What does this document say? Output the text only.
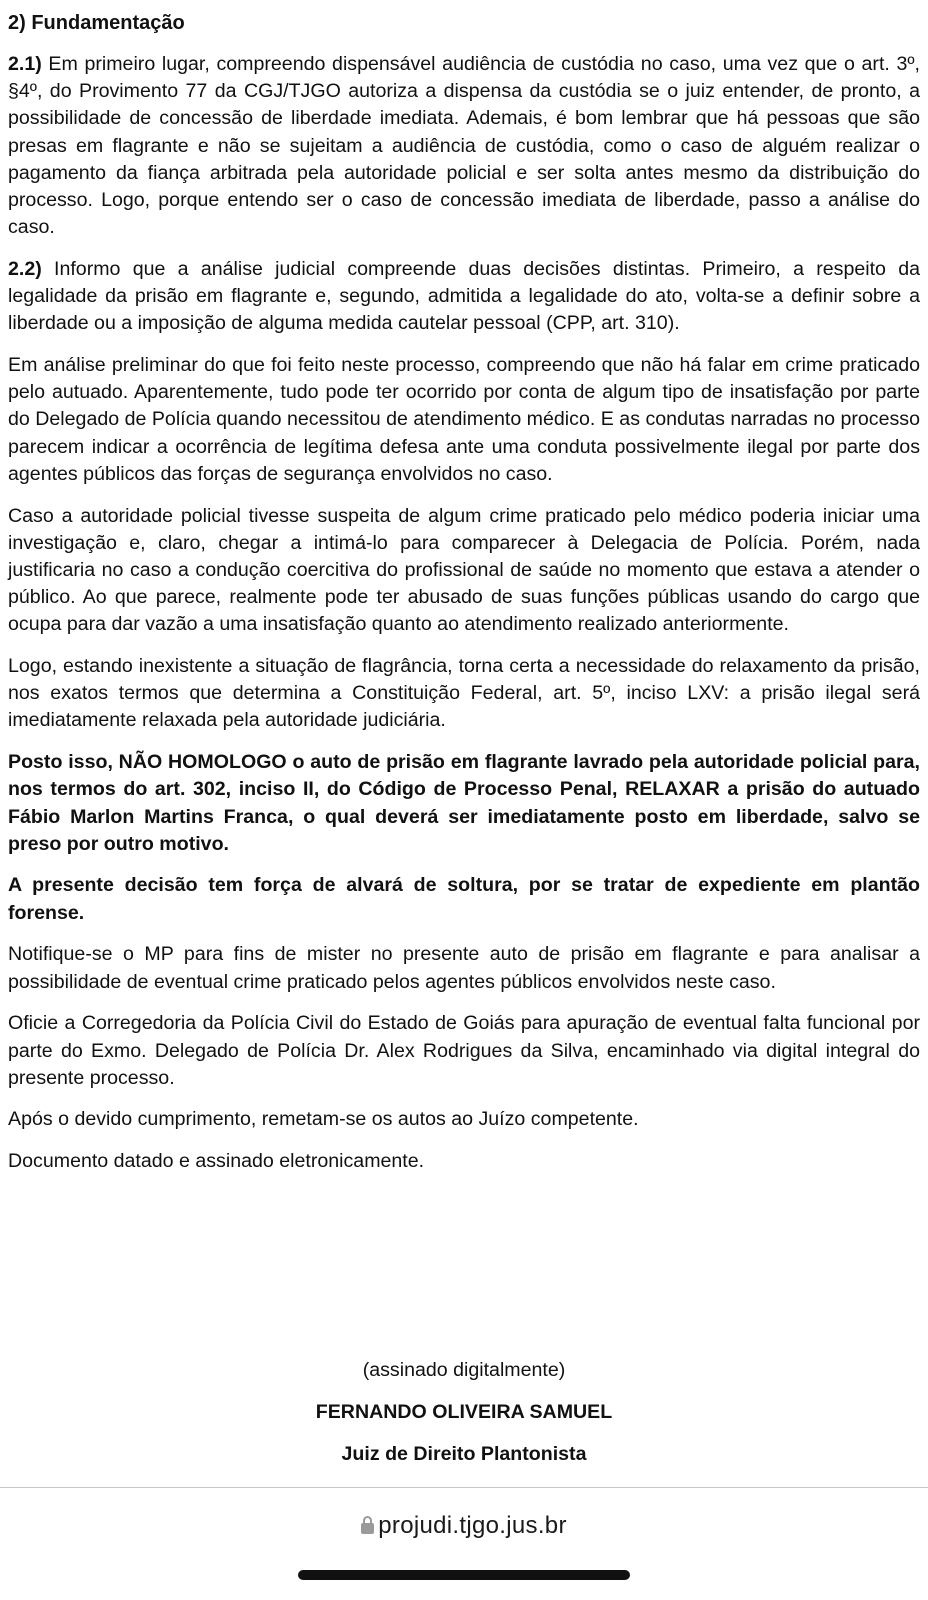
2) Fundamentação

2.1) Em primeiro lugar, compreendo dispensável audiência de custódia no caso, uma vez que o art. 3º, §4º, do Provimento 77 da CGJ/TJGO autoriza a dispensa da custódia se o juiz entender, de pronto, a possibilidade de concessão de liberdade imediata. Ademais, é bom lembrar que há pessoas que são presas em flagrante e não se sujeitam a audiência de custódia, como o caso de alguém realizar o pagamento da fiança arbitrada pela autoridade policial e ser solta antes mesmo da distribuição do processo. Logo, porque entendo ser o caso de concessão imediata de liberdade, passo a análise do caso.

2.2) Informo que a análise judicial compreende duas decisões distintas. Primeiro, a respeito da legalidade da prisão em flagrante e, segundo, admitida a legalidade do ato, volta-se a definir sobre a liberdade ou a imposição de alguma medida cautelar pessoal (CPP, art. 310).

Em análise preliminar do que foi feito neste processo, compreendo que não há falar em crime praticado pelo autuado. Aparentemente, tudo pode ter ocorrido por conta de algum tipo de insatisfação por parte do Delegado de Polícia quando necessitou de atendimento médico. E as condutas narradas no processo parecem indicar a ocorrência de legítima defesa ante uma conduta possivelmente ilegal por parte dos agentes públicos das forças de segurança envolvidos no caso.

Caso a autoridade policial tivesse suspeita de algum crime praticado pelo médico poderia iniciar uma investigação e, claro, chegar a intimá-lo para comparecer à Delegacia de Polícia. Porém, nada justificaria no caso a condução coercitiva do profissional de saúde no momento que estava a atender o público. Ao que parece, realmente pode ter abusado de suas funções públicas usando do cargo que ocupa para dar vazão a uma insatisfação quanto ao atendimento realizado anteriormente.

Logo, estando inexistente a situação de flagrância, torna certa a necessidade do relaxamento da prisão, nos exatos termos que determina a Constituição Federal, art. 5º, inciso LXV: a prisão ilegal será imediatamente relaxada pela autoridade judiciária.

Posto isso, NÃO HOMOLOGO o auto de prisão em flagrante lavrado pela autoridade policial para, nos termos do art. 302, inciso II, do Código de Processo Penal, RELAXAR a prisão do autuado Fábio Marlon Martins Franca, o qual deverá ser imediatamente posto em liberdade, salvo se preso por outro motivo.

A presente decisão tem força de alvará de soltura, por se tratar de expediente em plantão forense.

Notifique-se o MP para fins de mister no presente auto de prisão em flagrante e para analisar a possibilidade de eventual crime praticado pelos agentes públicos envolvidos neste caso.

Oficie a Corregedoria da Polícia Civil do Estado de Goiás para apuração de eventual falta funcional por parte do Exmo. Delegado de Polícia Dr. Alex Rodrigues da Silva, encaminhado via digital integral do presente processo.

Após o devido cumprimento, remetam-se os autos ao Juízo competente.

Documento datado e assinado eletronicamente.

(assinado digitalmente)
FERNANDO OLIVEIRA SAMUEL
Juiz de Direito Plantonista
projudi.tjgo.jus.br
